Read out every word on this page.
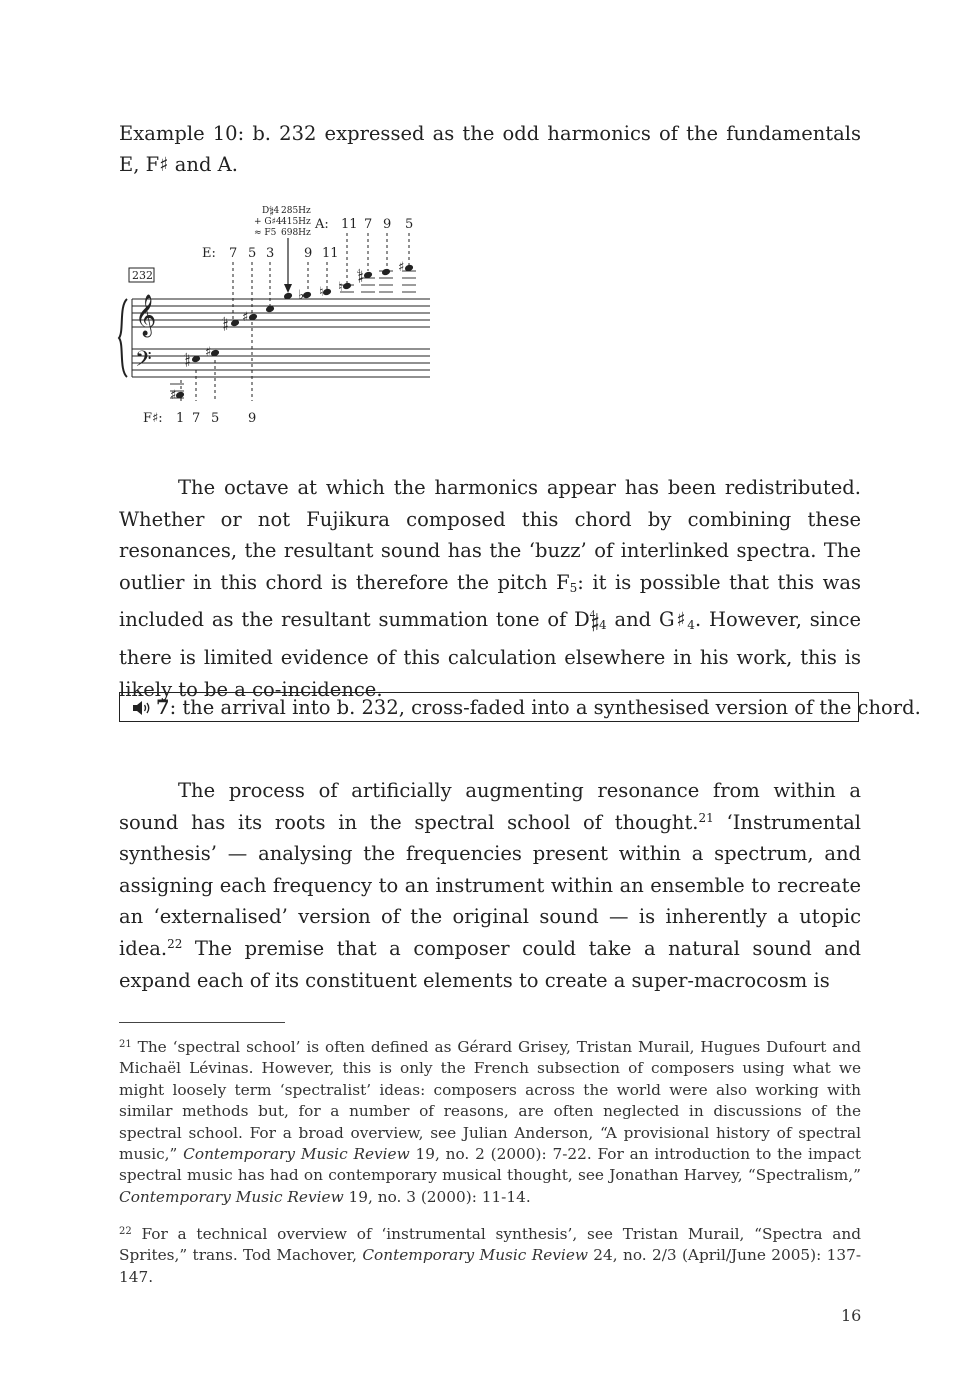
Example 10: b. 232 expressed as the odd harmonics of the fundamentals E, F♯ and A.
D𝄲4 285Hz
+ G♯4 415Hz
≈ F5 698Hz
E: 7 5 3 9 11
A: 11 7 9 5
232
𝄞
𝄢
𝄲 ♯
♭ ♮ ♮
𝄲
♯
𝄲 ♯
♯
F♯: 1 7 5 9
The octave at which the harmonics appear has been redistributed. Whether or not Fujikura composed this chord by combining these resonances, the resultant sound has the ‘buzz’ of interlinked spectra. The outlier in this chord is therefore the pitch $F_5$: it is possible that this was included as the resultant summation tone of $D𝄲_4$ and $G♯_4$. However, since there is limited evidence of this calculation elsewhere in his work, this is likely to be a co-incidence.
7: the arrival into b. 232, cross-faded into a synthesised version of the chord.
The process of artificially augmenting resonance from within a sound has its roots in the spectral school of thought.$^{21}$ ‘Instrumental synthesis’ — analysing the frequencies present within a spectrum, and assigning each frequency to an instrument within an ensemble to recreate an ‘externalised’ version of the original sound — is inherently a utopic idea.$^{22}$ The premise that a composer could take a natural sound and expand each of its constituent elements to create a super-macrocosm is
$^{21}$ The ‘spectral school’ is often defined as Gérard Grisey, Tristan Murail, Hugues Dufourt and Michaël Lévinas. However, this is only the French subsection of composers using what we might loosely term ‘spectralist’ ideas: composers across the world were also working with similar methods but, for a number of reasons, are often neglected in discussions of the spectral school. For a broad overview, see Julian Anderson, “A provisional history of spectral music,” Contemporary Music Review 19, no. 2 (2000): 7-22. For an introduction to the impact spectral music has had on contemporary musical thought, see Jonathan Harvey, “Spectralism,” Contemporary Music Review 19, no. 3 (2000): 11-14.
$^{22}$ For a technical overview of ‘instrumental synthesis’, see Tristan Murail, “Spectra and Sprites,” trans. Tod Machover, Contemporary Music Review 24, no. 2/3 (April/June 2005): 137-147.
16
